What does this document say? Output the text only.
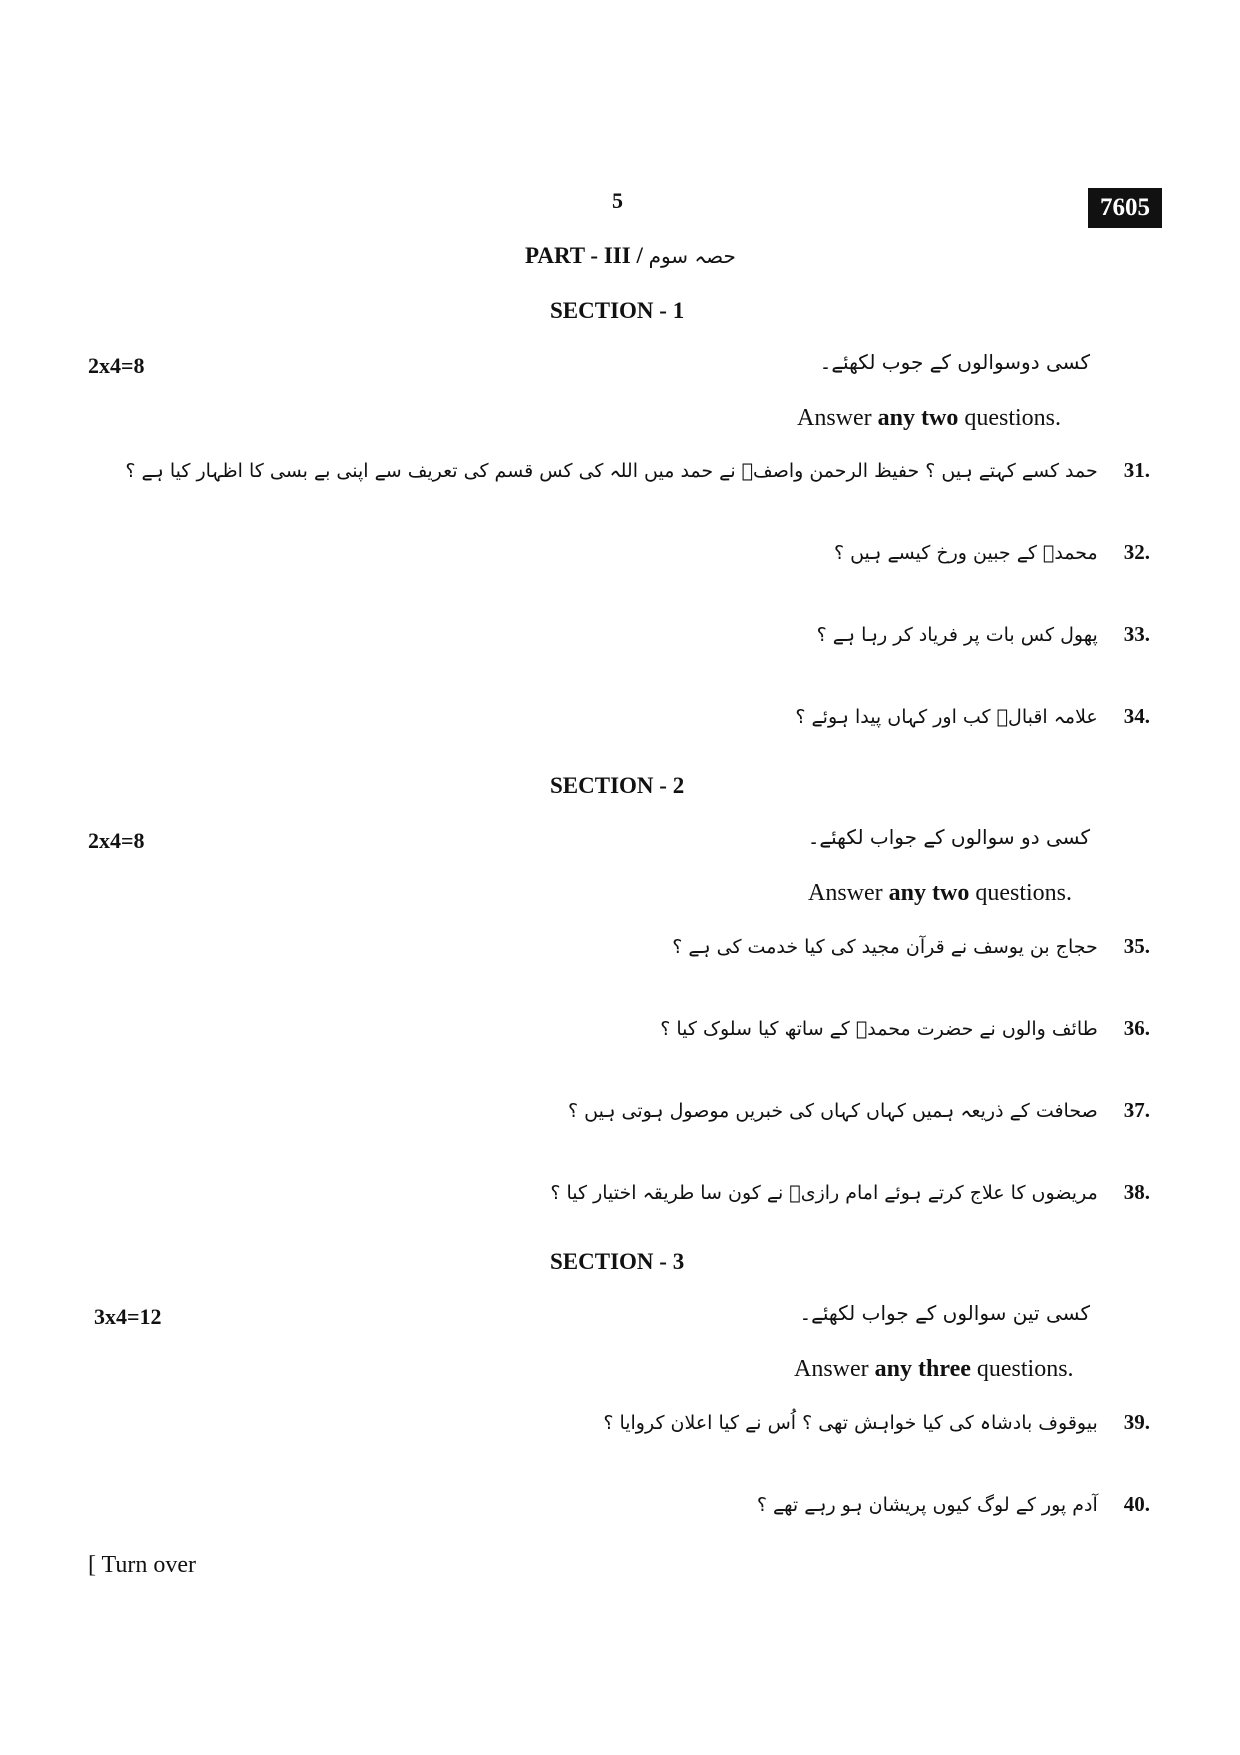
5	7605
PART - III / حصہ سوم
SECTION - 1
2x4=8	کسی دوسوالوں کے جوب لکھئے۔
Answer any two questions.
31.
حمد کسے کہتے ہیں ؟ حفیظ الرحمن واصفؔ نے حمد میں اللہ کی کس قسم کی تعریف سے اپنی بے بسی کا اظہار کیا ہے ؟
32.
محمدؐ کے جبین ورخ کیسے ہیں ؟
33.
پھول کس بات پر فریاد کر رہا ہے ؟
34.
علامہ اقبالؔ کب اور کہاں پیدا ہوئے ؟
SECTION - 2
2x4=8	کسی دو سوالوں کے جواب لکھئے۔
Answer any two questions.
35.
حجاج بن یوسف نے قرآن مجید کی کیا خدمت کی ہے ؟
36.
طائف والوں نے حضرت محمدؐ کے ساتھ کیا سلوک کیا ؟
37.
صحافت کے ذریعہ ہمیں کہاں کہاں کی خبریں موصول ہوتی ہیں ؟
38.
مریضوں کا علاج کرتے ہوئے امام رازیؒ نے کون سا طریقہ اختیار کیا ؟
SECTION - 3
3x4=12	کسی تین سوالوں کے جواب لکھئے۔
Answer any three questions.
39.
بیوقوف بادشاہ کی کیا خواہش تھی ؟ اُس نے کیا اعلان کروایا ؟
40.
آدم پور کے لوگ کیوں پریشان ہو رہے تھے ؟
[ Turn over
